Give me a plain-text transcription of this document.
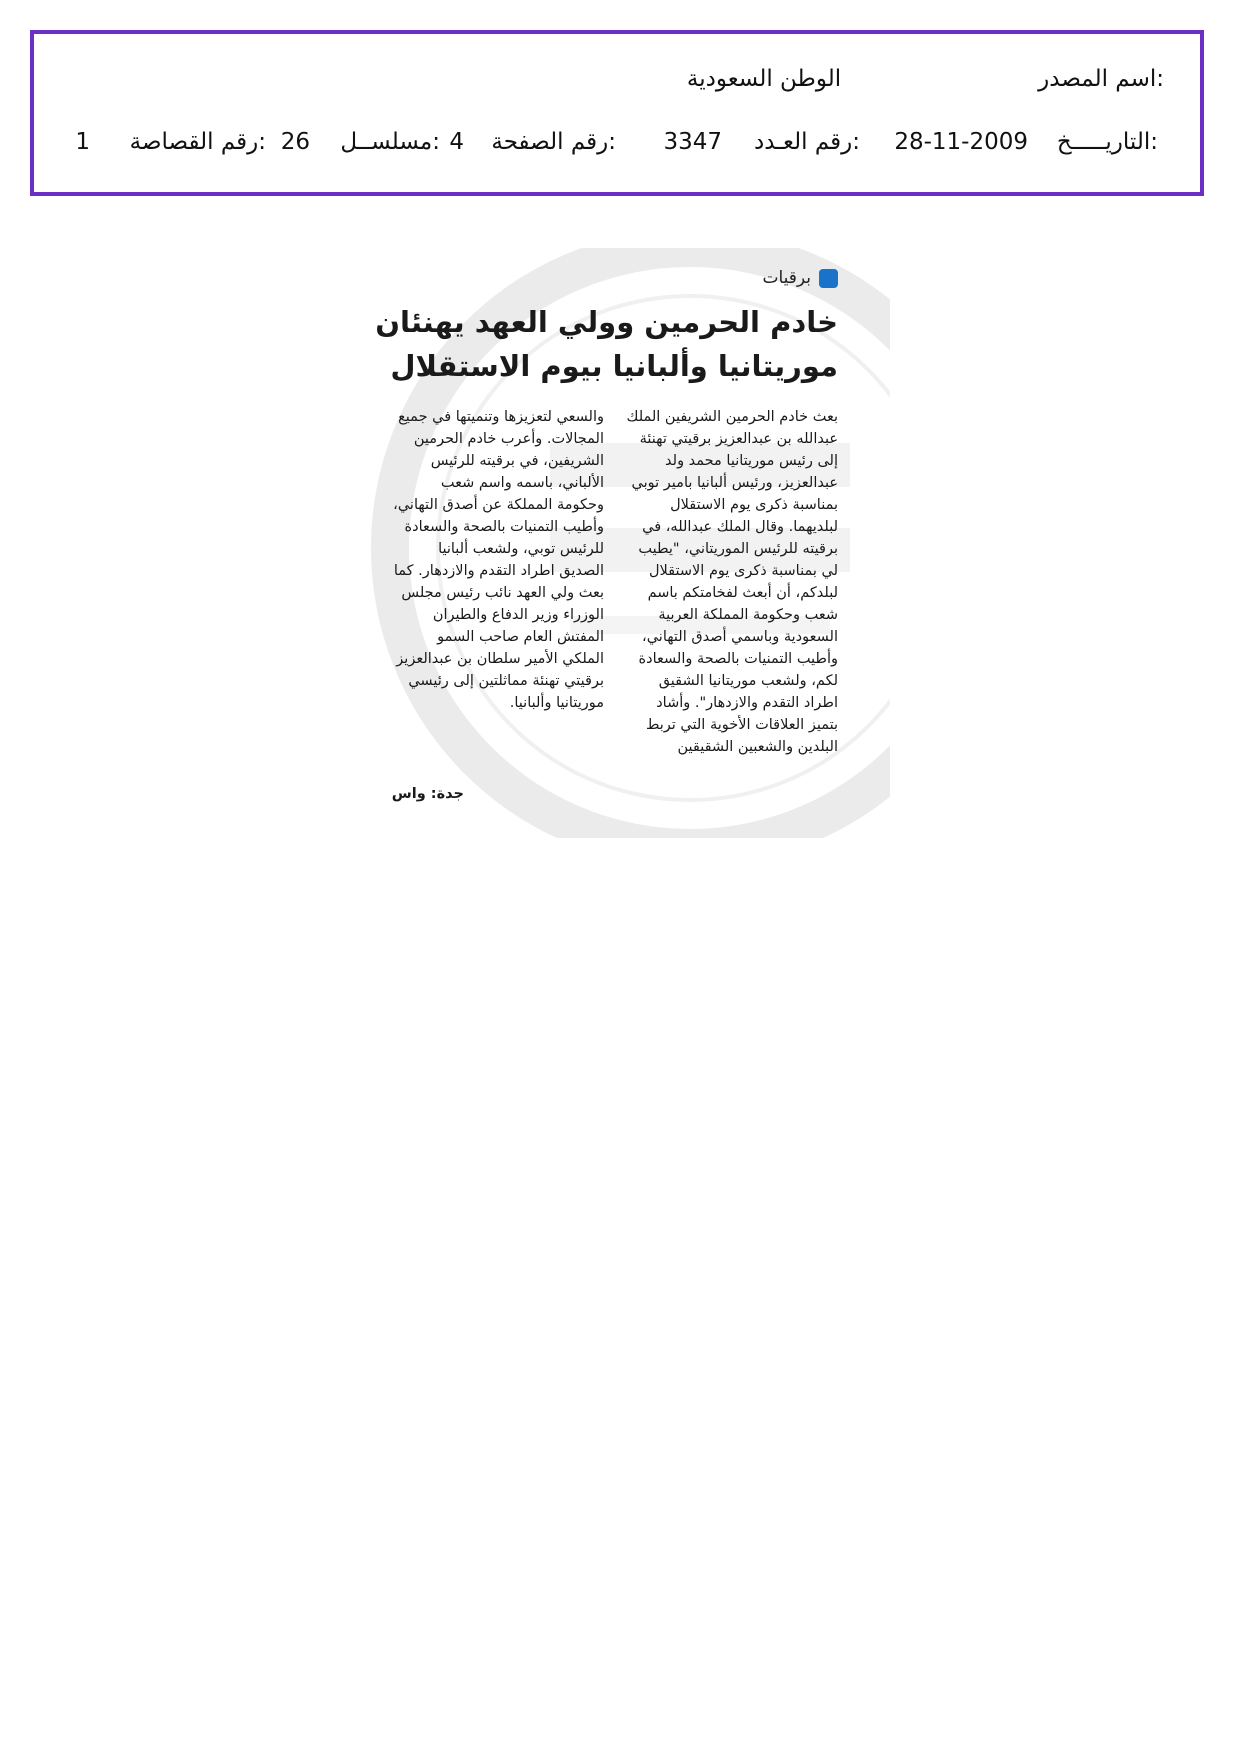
اسم المصدر:
الوطن السعودية
التاريـــــخ:
28-11-2009
رقم العـدد:
3347
رقم الصفحة:
4
مسلســل:
26
رقم القصاصة:
1
برقيات
خادم الحرمين وولي العهد يهنئان موريتانيا وألبانيا بيوم الاستقلال

بعث خادم الحرمين الشريفين الملك عبدالله بن عبدالعزيز برقيتي تهنئة إلى رئيس موريتانيا محمد ولد عبدالعزيز، ورئيس ألبانيا بامير توبي بمناسبة ذكرى يوم الاستقلال لبلديهما. وقال الملك عبدالله، في برقيته للرئيس الموريتاني، "يطيب لي بمناسبة ذكرى يوم الاستقلال لبلدكم، أن أبعث لفخامتكم باسم شعب وحكومة المملكة العربية السعودية وباسمي أصدق التهاني، وأطيب التمنيات بالصحة والسعادة لكم، ولشعب موريتانيا الشقيق اطراد التقدم والازدهار". وأشاد بتميز العلاقات الأخوية التي تربط البلدين والشعبين الشقيقين

والسعي لتعزيزها وتنميتها في جميع المجالات. وأعرب خادم الحرمين الشريفين، في برقيته للرئيس الألباني، باسمه واسم شعب وحكومة المملكة عن أصدق التهاني، وأطيب التمنيات بالصحة والسعادة للرئيس توبي، ولشعب ألبانيا الصديق اطراد التقدم والازدهار. كما بعث ولي العهد نائب رئيس مجلس الوزراء وزير الدفاع والطيران المفتش العام صاحب السمو الملكي الأمير سلطان بن عبدالعزيز برقيتي تهنئة مماثلتين إلى رئيسي موريتانيا وألبانيا.

جدة: واس
